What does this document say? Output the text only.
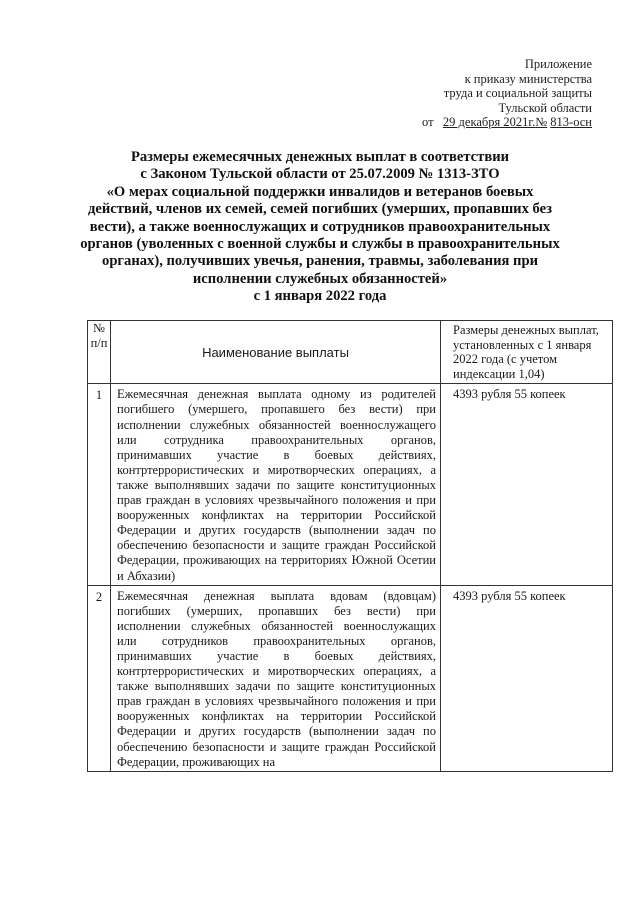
Приложение
к приказу министерства
труда и социальной защиты
Тульской области
от 29 декабря 2021г.№ 813-осн
Размеры ежемесячных денежных выплат в соответствии
с Законом Тульской области от 25.07.2009 № 1313-ЗТО
«О мерах социальной поддержки инвалидов и ветеранов боевых
действий, членов их семей, семей погибших (умерших, пропавших без
вести), а также военнослужащих и сотрудников правоохранительных
органов (уволенных с военной службы и службы в правоохранительных
органах), получивших увечья, ранения, травмы, заболевания при
исполнении служебных обязанностей»
с 1 января 2022 года
№ п/п	Наименование выплаты	Размеры денежных выплат, установленных с 1 января 2022 года (с учетом индексации 1,04)
1	Ежемесячная денежная выплата одному из родителей погибшего (умершего, пропавшего без вести) при исполнении служебных обязанностей военнослужащего или сотрудника правоохранительных органов, принимавших участие в боевых действиях, контртеррористических и миротворческих операциях, а также выполнявших задачи по защите конституционных прав граждан в условиях чрезвычайного положения и при вооруженных конфликтах на территории Российской Федерации и других государств (выполнении задач по обеспечению безопасности и защите граждан Российской Федерации, проживающих на территориях Южной Осетии и Абхазии)	4393 рубля 55 копеек
2	Ежемесячная денежная выплата вдовам (вдовцам) погибших (умерших, пропавших без вести) при исполнении служебных обязанностей военнослужащих или сотрудников правоохранительных органов, принимавших участие в боевых действиях, контртеррористических и миротворческих операциях, а также выполнявших задачи по защите конституционных прав граждан в условиях чрезвычайного положения и при вооруженных конфликтах на территории Российской Федерации и других государств (выполнении задач по обеспечению безопасности и защите граждан Российской Федерации, проживающих на	4393 рубля 55 копеек
